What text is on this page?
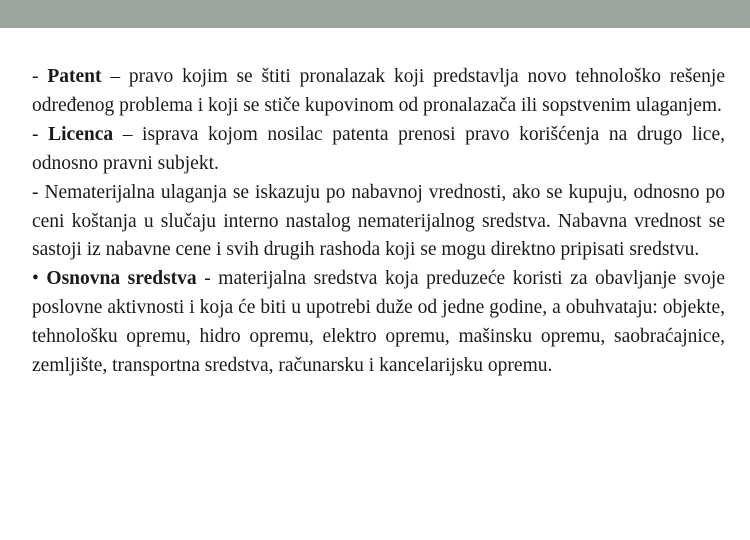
- Patent – pravo kojim se štiti pronalazak koji predstavlja novo tehnološko rešenje određenog problema i koji se stiče kupovinom od pronalazača ili sopstvenim ulaganjem.

- Licenca – isprava kojom nosilac patenta prenosi pravo korišćenja na drugo lice, odnosno pravni subjekt.

- Nematerijalna ulaganja se iskazuju po nabavnoj vrednosti, ako se kupuju, odnosno po ceni koštanja u slučaju interno nastalog nematerijalnog sredstva. Nabavna vrednost se sastoji iz nabavne cene i svih drugih rashoda koji se mogu direktno pripisati sredstvu.

• Osnovna sredstva - materijalna sredstva koja preduzeće koristi za obavljanje svoje poslovne aktivnosti i koja će biti u upotrebi duže od jedne godine, a obuhvataju: objekte, tehnološku opremu, hidro opremu, elektro opremu, mašinsku opremu, saobraćajnice, zemljište, transportna sredstva, računarsku i kancelarijsku opremu.
